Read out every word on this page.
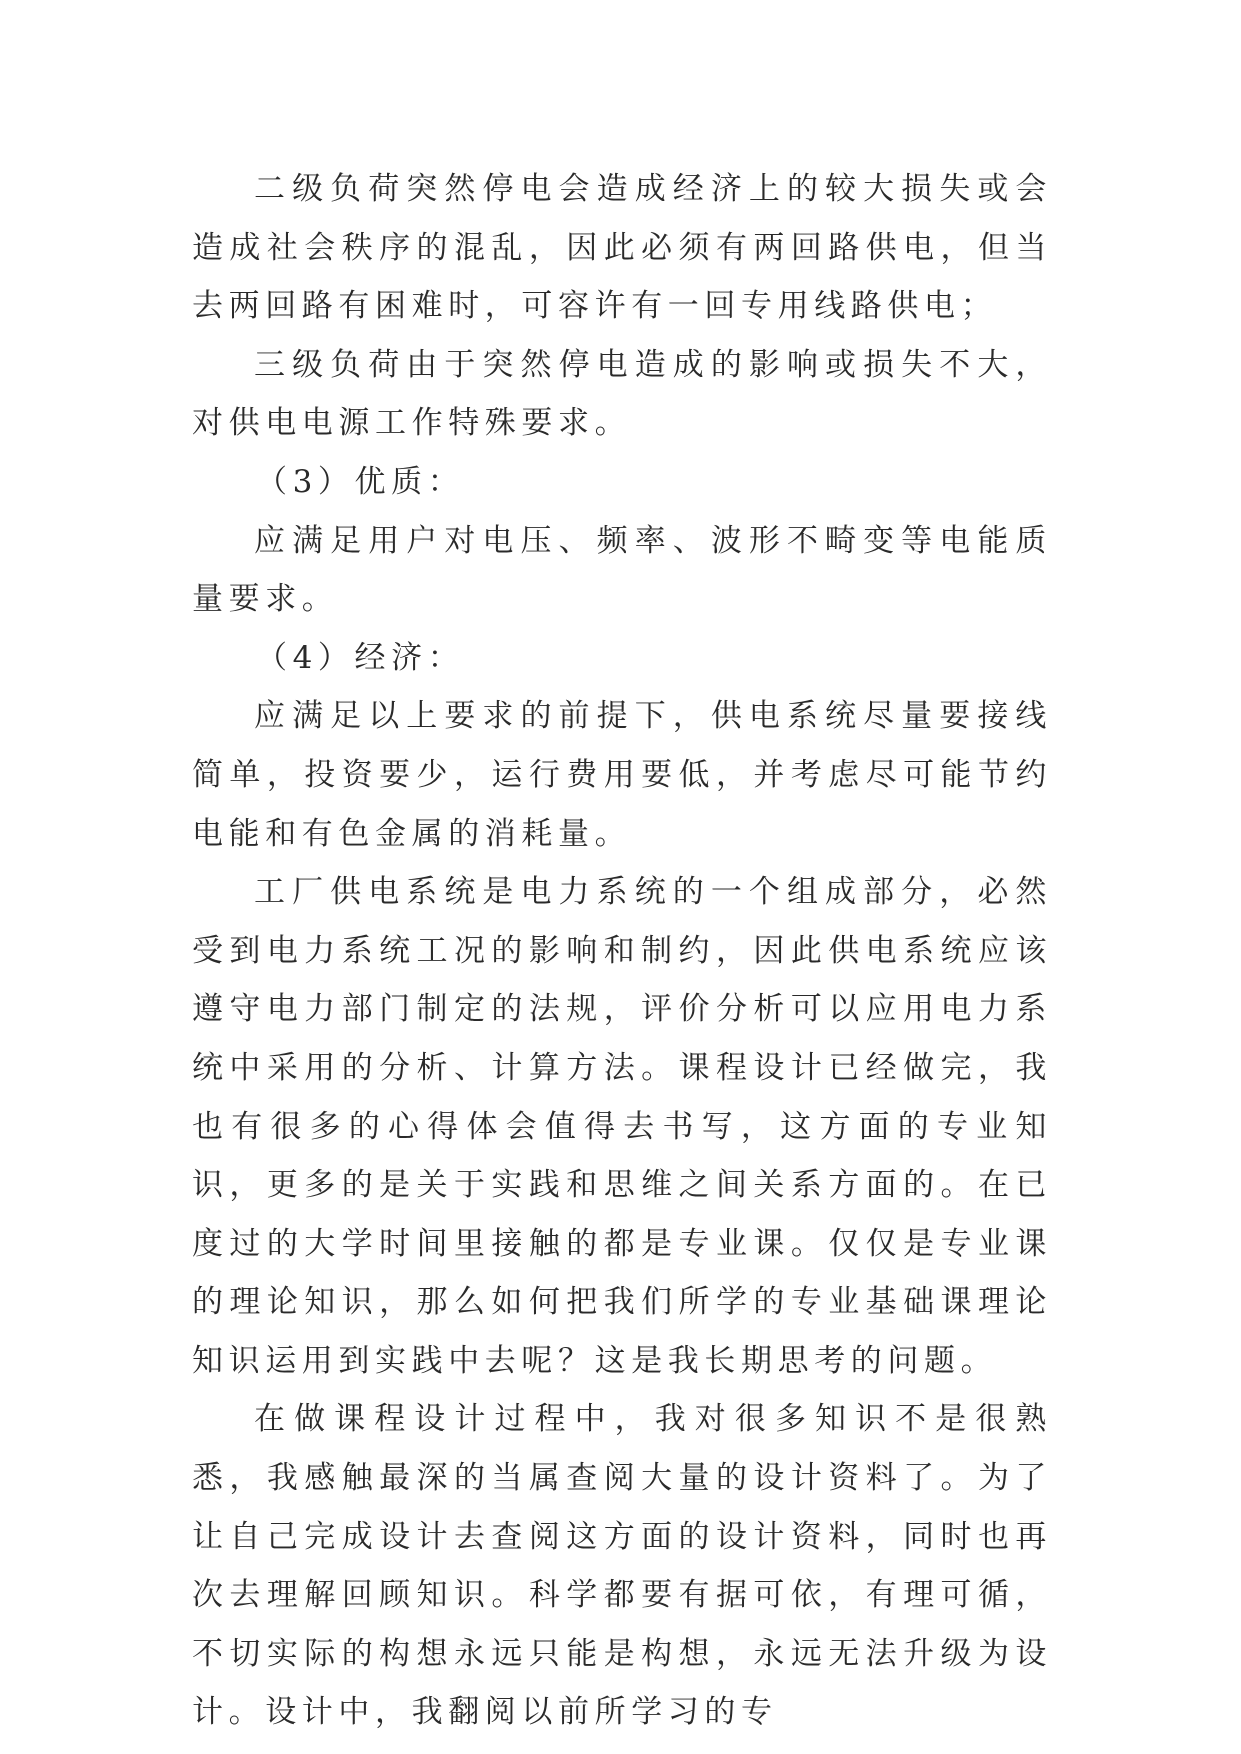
二级负荷突然停电会造成经济上的较大损失或会造成社会秩序的混乱，因此必须有两回路供电，但当去两回路有困难时，可容许有一回专用线路供电；

三级负荷由于突然停电造成的影响或损失不大，对供电电源工作特殊要求。

（3）优质：

应满足用户对电压、频率、波形不畸变等电能质量要求。

（4）经济：

应满足以上要求的前提下，供电系统尽量要接线简单，投资要少，运行费用要低，并考虑尽可能节约电能和有色金属的消耗量。

工厂供电系统是电力系统的一个组成部分，必然受到电力系统工况的影响和制约，因此供电系统应该遵守电力部门制定的法规，评价分析可以应用电力系统中采用的分析、计算方法。课程设计已经做完，我也有很多的心得体会值得去书写，这方面的专业知识，更多的是关于实践和思维之间关系方面的。在已度过的大学时间里接触的都是专业课。仅仅是专业课的理论知识，那么如何把我们所学的专业基础课理论知识运用到实践中去呢？这是我长期思考的问题。

在做课程设计过程中，我对很多知识不是很熟悉，我感触最深的当属查阅大量的设计资料了。为了让自己完成设计去查阅这方面的设计资料，同时也再次去理解回顾知识。科学都要有据可依，有理可循，不切实际的构想永远只能是构想，永远无法升级为设计。设计中，我翻阅以前所学习的专
